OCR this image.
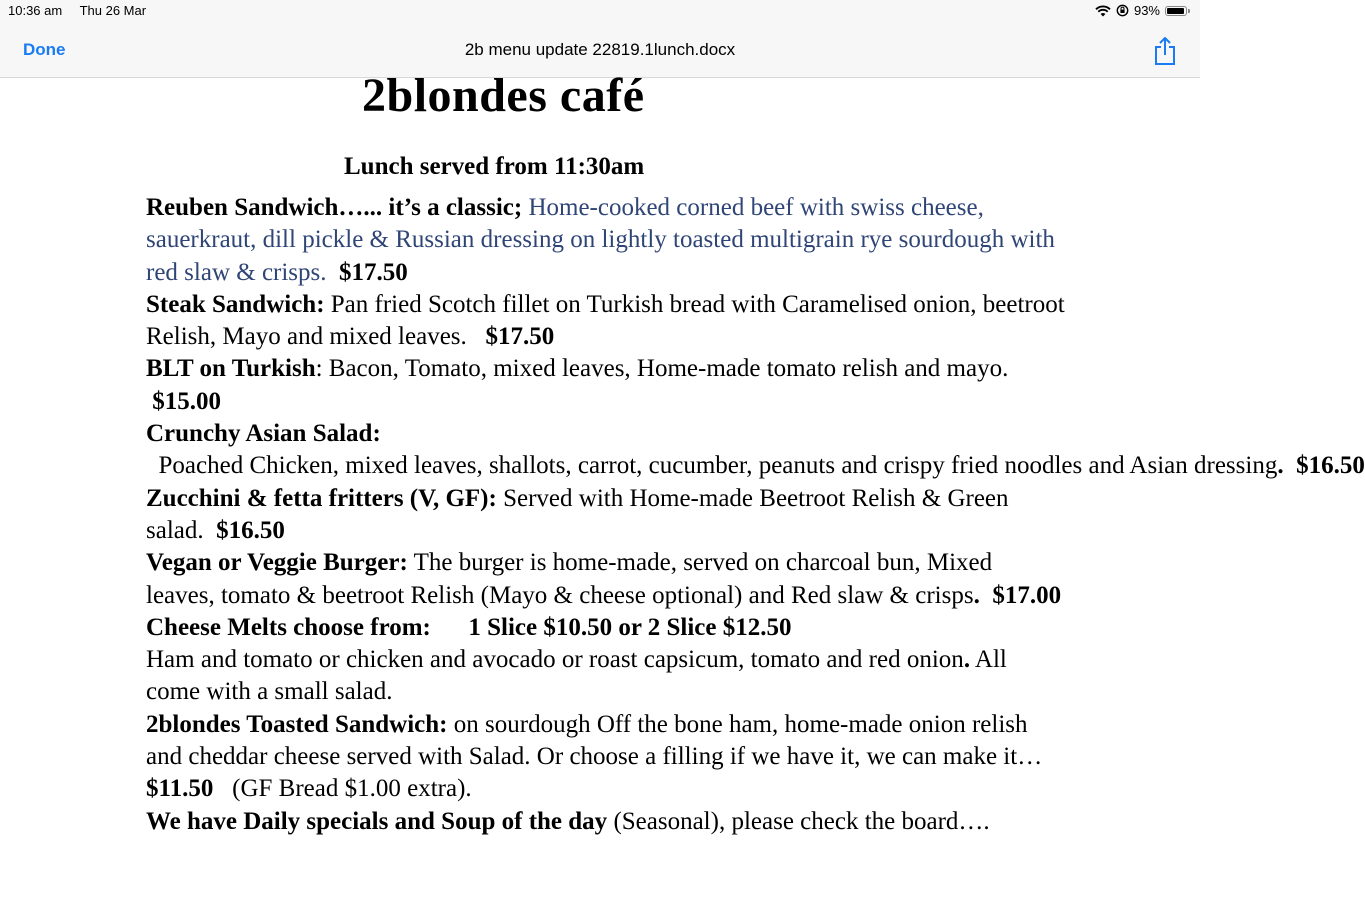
10:36 am Thu 26 Mar	93%
Done	2b menu update 22819.1lunch.docx
2blondes café
Lunch served from 11:30am

Reuben Sandwich…... it’s a classic; Home-cooked corned beef with swiss cheese, sauerkraut, dill pickle & Russian dressing on lightly toasted multigrain rye sourdough with red slaw & crisps.  $17.50

Steak Sandwich: Pan fried Scotch fillet on Turkish bread with Caramelised onion, beetroot Relish, Mayo and mixed leaves.   $17.50

BLT on Turkish: Bacon, Tomato, mixed leaves, Home-made tomato relish and mayo. $15.00

Crunchy Asian Salad:  Poached Chicken, mixed leaves, shallots, carrot, cucumber, peanuts and crispy fried noodles and Asian dressing.  $16.50

Zucchini & fetta fritters (V, GF): Served with Home-made Beetroot Relish & Green salad.  $16.50

Vegan or Veggie Burger: The burger is home-made, served on charcoal bun, Mixed leaves, tomato & beetroot Relish (Mayo & cheese optional) and Red slaw & crisps.  $17.00

Cheese Melts choose from:      1 Slice $10.50 or 2 Slice $12.50

Ham and tomato or chicken and avocado or roast capsicum, tomato and red onion. All come with a small salad.

2blondes Toasted Sandwich: on sourdough Off the bone ham, home-made onion relish and cheddar cheese served with Salad. Or choose a filling if we have it, we can make it… $11.50   (GF Bread $1.00 extra).

We have Daily specials and Soup of the day (Seasonal), please check the board….
